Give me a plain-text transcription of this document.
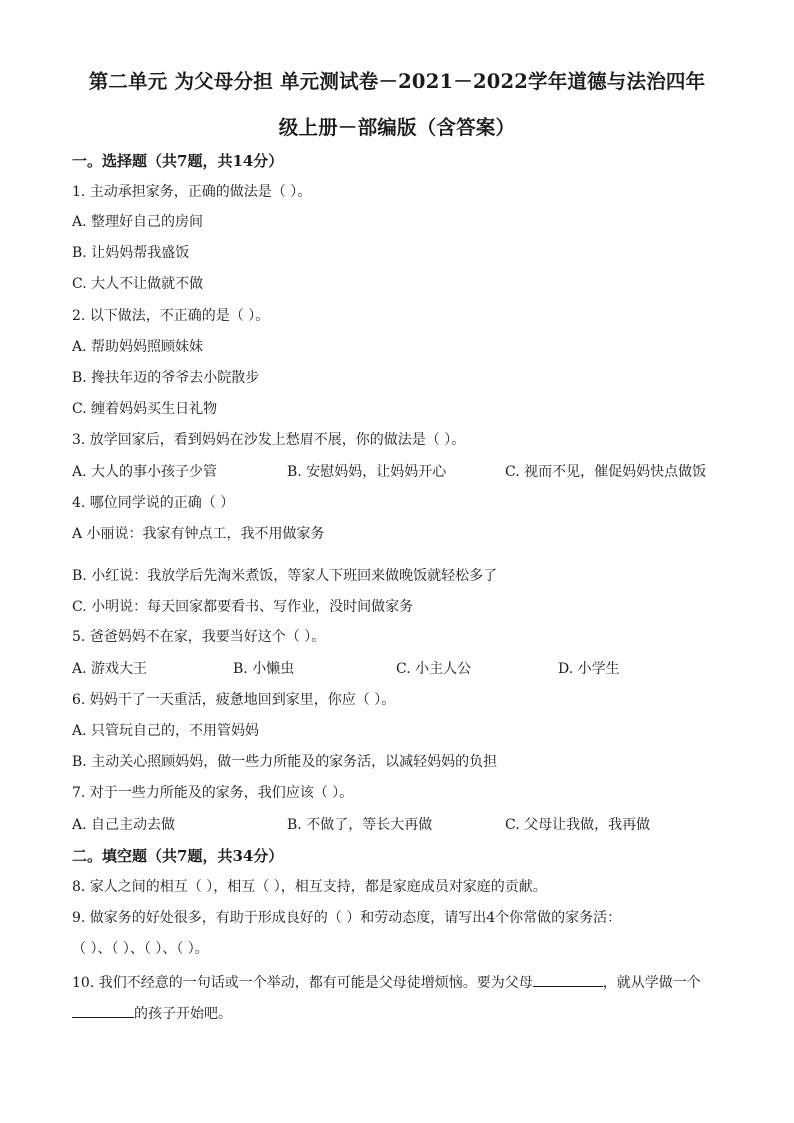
第二单元 为父母分担 单元测试卷－2021－2022学年道德与法治四年
级上册－部编版（含答案）
一。选择题（共7题，共14分）
1. 主动承担家务，正确的做法是（ ）。
A. 整理好自己的房间
B. 让妈妈帮我盛饭
C. 大人不让做就不做
2. 以下做法，不正确的是（ ）。
A. 帮助妈妈照顾妹妹
B. 搀扶年迈的爷爷去小院散步
C. 缠着妈妈买生日礼物
3. 放学回家后，看到妈妈在沙发上愁眉不展，你的做法是（ ）。
A. 大人的事小孩子少管	B. 安慰妈妈，让妈妈开心	C. 视而不见，催促妈妈快点做饭
4. 哪位同学说的正确（ ）
A 小丽说：我家有钟点工，我不用做家务
B. 小红说：我放学后先淘米煮饭，等家人下班回来做晚饭就轻松多了
C. 小明说：每天回家都要看书、写作业，没时间做家务
5. 爸爸妈妈不在家，我要当好这个（ ）。
A. 游戏大王	B. 小懒虫	C. 小主人公	D. 小学生
6. 妈妈干了一天重活，疲惫地回到家里，你应（ ）。
A. 只管玩自己的，不用管妈妈
B. 主动关心照顾妈妈，做一些力所能及的家务活，以减轻妈妈的负担
7. 对于一些力所能及的家务，我们应该（ ）。
A. 自己主动去做	B. 不做了，等长大再做	C. 父母让我做，我再做
二。填空题（共7题，共34分）
8. 家人之间的相互（ ），相互（ ），相互支持，都是家庭成员对家庭的贡献。
9. 做家务的好处很多，有助于形成良好的（ ）和劳动态度，请写出4个你常做的家务活：
（ ）、（ ）、（ ）、（ ）。
10. 我们不经意的一句话或一个举动，都有可能是父母徒增烦恼。要为父母	，就从学做一个
的孩子开始吧。
